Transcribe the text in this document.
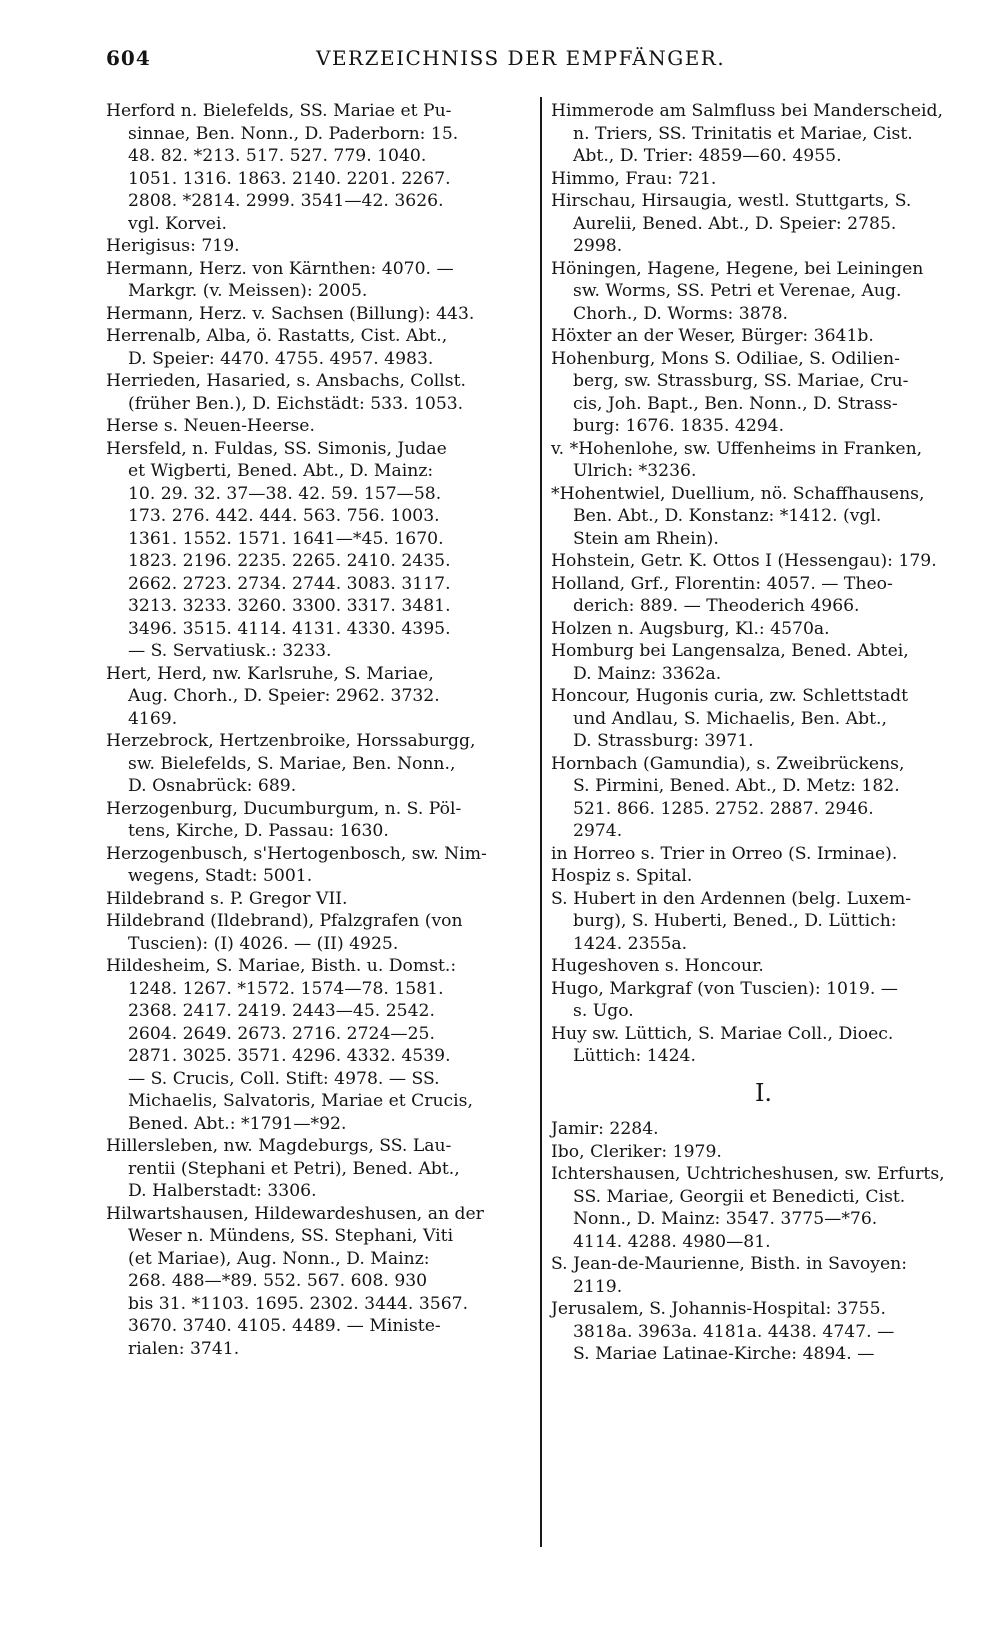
604	VERZEICHNISS DER EMPFÄNGER.
Herford n. Bielefelds, SS. Mariae et Pu-
sinnae, Ben. Nonn., D. Paderborn: 15.
48. 82. *213. 517. 527. 779. 1040.
1051. 1316. 1863. 2140. 2201. 2267.
2808. *2814. 2999. 3541—42. 3626.
vgl. Korvei.
Herigisus: 719.
Hermann, Herz. von Kärnthen: 4070. —
Markgr. (v. Meissen): 2005.
Hermann, Herz. v. Sachsen (Billung): 443.
Herrenalb, Alba, ö. Rastatts, Cist. Abt.,
D. Speier: 4470. 4755. 4957. 4983.
Herrieden, Hasaried, s. Ansbachs, Collst.
(früher Ben.), D. Eichstädt: 533. 1053.
Herse s. Neuen-Heerse.
Hersfeld, n. Fuldas, SS. Simonis, Judae
et Wigberti, Bened. Abt., D. Mainz:
10. 29. 32. 37—38. 42. 59. 157—58.
173. 276. 442. 444. 563. 756. 1003.
1361. 1552. 1571. 1641—*45. 1670.
1823. 2196. 2235. 2265. 2410. 2435.
2662. 2723. 2734. 2744. 3083. 3117.
3213. 3233. 3260. 3300. 3317. 3481.
3496. 3515. 4114. 4131. 4330. 4395.
— S. Servatiusk.: 3233.
Hert, Herd, nw. Karlsruhe, S. Mariae,
Aug. Chorh., D. Speier: 2962. 3732.
4169.
Herzebrock, Hertzenbroike, Horssaburgg,
sw. Bielefelds, S. Mariae, Ben. Nonn.,
D. Osnabrück: 689.
Herzogenburg, Ducumburgum, n. S. Pöl-
tens, Kirche, D. Passau: 1630.
Herzogenbusch, s'Hertogenbosch, sw. Nim-
wegens, Stadt: 5001.
Hildebrand s. P. Gregor VII.
Hildebrand (Ildebrand), Pfalzgrafen (von
Tuscien): (I) 4026. — (II) 4925.
Hildesheim, S. Mariae, Bisth. u. Domst.:
1248. 1267. *1572. 1574—78. 1581.
2368. 2417. 2419. 2443—45. 2542.
2604. 2649. 2673. 2716. 2724—25.
2871. 3025. 3571. 4296. 4332. 4539.
— S. Crucis, Coll. Stift: 4978. — SS.
Michaelis, Salvatoris, Mariae et Crucis,
Bened. Abt.: *1791—*92.
Hillersleben, nw. Magdeburgs, SS. Lau-
rentii (Stephani et Petri), Bened. Abt.,
D. Halberstadt: 3306.
Hilwartshausen, Hildewardeshusen, an der
Weser n. Mündens, SS. Stephani, Viti
(et Mariae), Aug. Nonn., D. Mainz:
268. 488—*89. 552. 567. 608. 930
bis 31. *1103. 1695. 2302. 3444. 3567.
3670. 3740. 4105. 4489. — Ministe-
rialen: 3741.
Himmerode am Salmfluss bei Manderscheid,
n. Triers, SS. Trinitatis et Mariae, Cist.
Abt., D. Trier: 4859—60. 4955.
Himmo, Frau: 721.
Hirschau, Hirsaugia, westl. Stuttgarts, S.
Aurelii, Bened. Abt., D. Speier: 2785.
2998.
Höningen, Hagene, Hegene, bei Leiningen
sw. Worms, SS. Petri et Verenae, Aug.
Chorh., D. Worms: 3878.
Höxter an der Weser, Bürger: 3641b.
Hohenburg, Mons S. Odiliae, S. Odilien-
berg, sw. Strassburg, SS. Mariae, Cru-
cis, Joh. Bapt., Ben. Nonn., D. Strass-
burg: 1676. 1835. 4294.
v. *Hohenlohe, sw. Uffenheims in Franken,
Ulrich: *3236.
*Hohentwiel, Duellium, nö. Schaffhausens,
Ben. Abt., D. Konstanz: *1412. (vgl.
Stein am Rhein).
Hohstein, Getr. K. Ottos I (Hessengau): 179.
Holland, Grf., Florentin: 4057. — Theo-
derich: 889. — Theoderich 4966.
Holzen n. Augsburg, Kl.: 4570a.
Homburg bei Langensalza, Bened. Abtei,
D. Mainz: 3362a.
Honcour, Hugonis curia, zw. Schlettstadt
und Andlau, S. Michaelis, Ben. Abt.,
D. Strassburg: 3971.
Hornbach (Gamundia), s. Zweibrückens,
S. Pirmini, Bened. Abt., D. Metz: 182.
521. 866. 1285. 2752. 2887. 2946.
2974.
in Horreo s. Trier in Orreo (S. Irminae).
Hospiz s. Spital.
S. Hubert in den Ardennen (belg. Luxem-
burg), S. Huberti, Bened., D. Lüttich:
1424. 2355a.
Hugeshoven s. Honcour.
Hugo, Markgraf (von Tuscien): 1019. —
s. Ugo.
Huy sw. Lüttich, S. Mariae Coll., Dioec.
Lüttich: 1424.
I.
Jamir: 2284.
Ibo, Cleriker: 1979.
Ichtershausen, Uchtricheshusen, sw. Erfurts,
SS. Mariae, Georgii et Benedicti, Cist.
Nonn., D. Mainz: 3547. 3775—*76.
4114. 4288. 4980—81.
S. Jean-de-Maurienne, Bisth. in Savoyen:
2119.
Jerusalem, S. Johannis-Hospital: 3755.
3818a. 3963a. 4181a. 4438. 4747. —
S. Mariae Latinae-Kirche: 4894. —
